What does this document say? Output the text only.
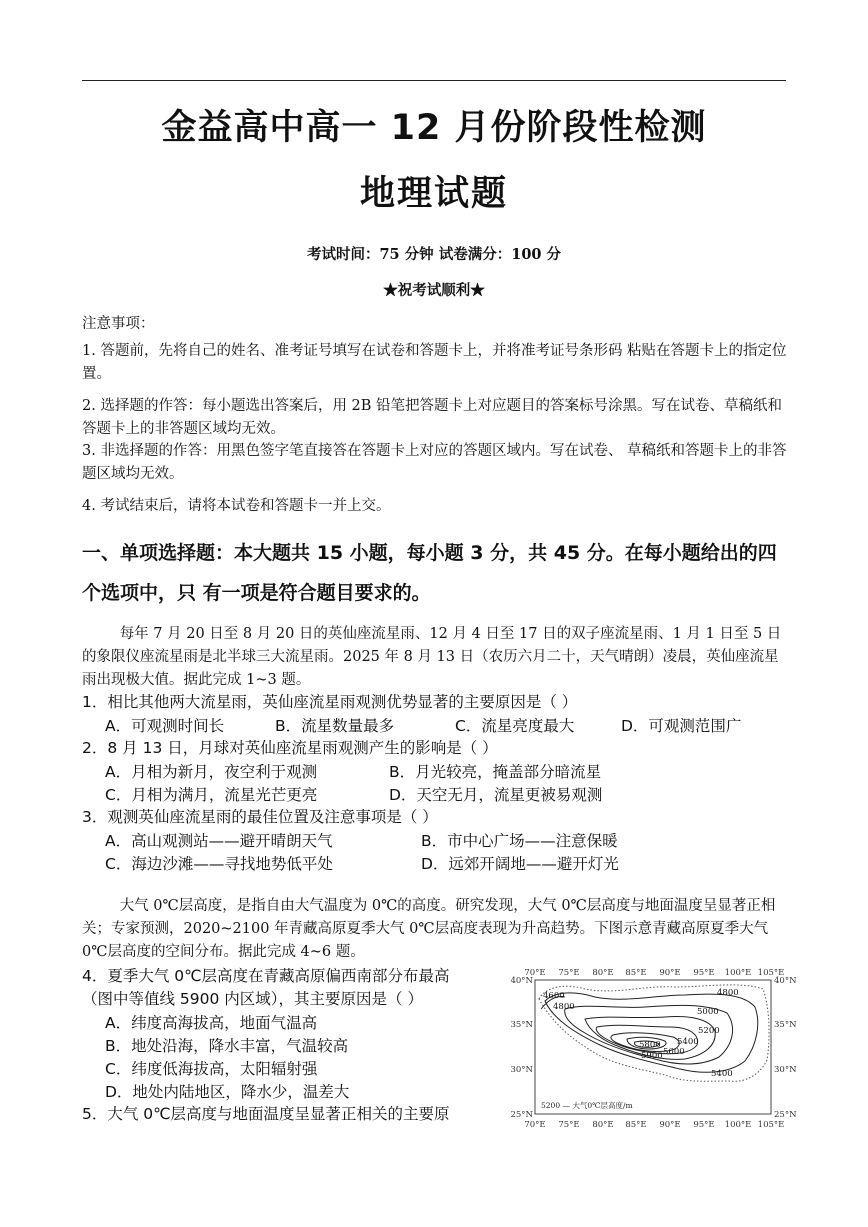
金益高中高一 12 月份阶段性检测
地理试题
考试时间：75 分钟 试卷满分：100 分
★祝考试顺利★
注意事项：
1. 答题前，先将自己的姓名、准考证号填写在试卷和答题卡上，并将准考证号条形码 粘贴在答题卡上的指定位置。
2. 选择题的作答：每小题选出答案后，用 2B 铅笔把答题卡上对应题目的答案标号涂黑。写在试卷、草稿纸和答题卡上的非答题区域均无效。
3. 非选择题的作答：用黑色签字笔直接答在答题卡上对应的答题区域内。写在试卷、 草稿纸和答题卡上的非答题区域均无效。
4. 考试结束后，请将本试卷和答题卡一并上交。
一、单项选择题：本大题共 15 小题，每小题 3 分，共 45 分。在每小题给出的四个选项中，只 有一项是符合题目要求的。
每年 7 月 20 日至 8 月 20 日的英仙座流星雨、12 月 4 日至 17 日的双子座流星雨、1 月 1 日至 5 日的象限仪座流星雨是北半球三大流星雨。2025 年 8 月 13 日（农历六月二十，天气晴朗）凌晨，英仙座流星雨出现极大值。据此完成 1~3 题。
1．相比其他两大流星雨，英仙座流星雨观测优势显著的主要原因是（ ）
A．可观测时间长	B．流星数量最多	C．流星亮度最大	D．可观测范围广
2．8 月 13 日，月球对英仙座流星雨观测产生的影响是（ ）
A．月相为新月，夜空利于观测	B．月光较亮，掩盖部分暗流星
C．月相为满月，流星光芒更亮	D．天空无月，流星更被易观测
3．观测英仙座流星雨的最佳位置及注意事项是（ ）
A．高山观测站——避开晴朗天气	B．市中心广场——注意保暖
C．海边沙滩——寻找地势低平处	D．远郊开阔地——避开灯光
大气 0℃层高度，是指自由大气温度为 0℃的高度。研究发现，大气 0℃层高度与地面温度呈显著正相关；专家预测，2020~2100 年青藏高原夏季大气 0℃层高度表现为升高趋势。下图示意青藏高原夏季大气 0℃层高度的空间分布。据此完成 4~6 题。
4．夏季大气 0℃层高度在青藏高原偏西南部分布最高
（图中等值线 5900 内区域），其主要原因是（ ）
A．纬度高海拔高，地面气温高
B．地处沿海，降水丰富，气温较高
C．纬度低海拔高，太阳辐射强
D．地处内陆地区，降水少，温差大
5．大气 0℃层高度与地面温度呈显著正相关的主要原
70°E 75°E 80°E 85°E 90°E 95°E 100°E 105°E
70°E 75°E 80°E 85°E 90°E 95°E 100°E 105°E
40°N
35°N
30°N
25°N
40°N
35°N
30°N
25°N
4800
5000
5200
5400
5600
5800
5900
4600
4800
5400
5200 — 大气0℃层高度/m
